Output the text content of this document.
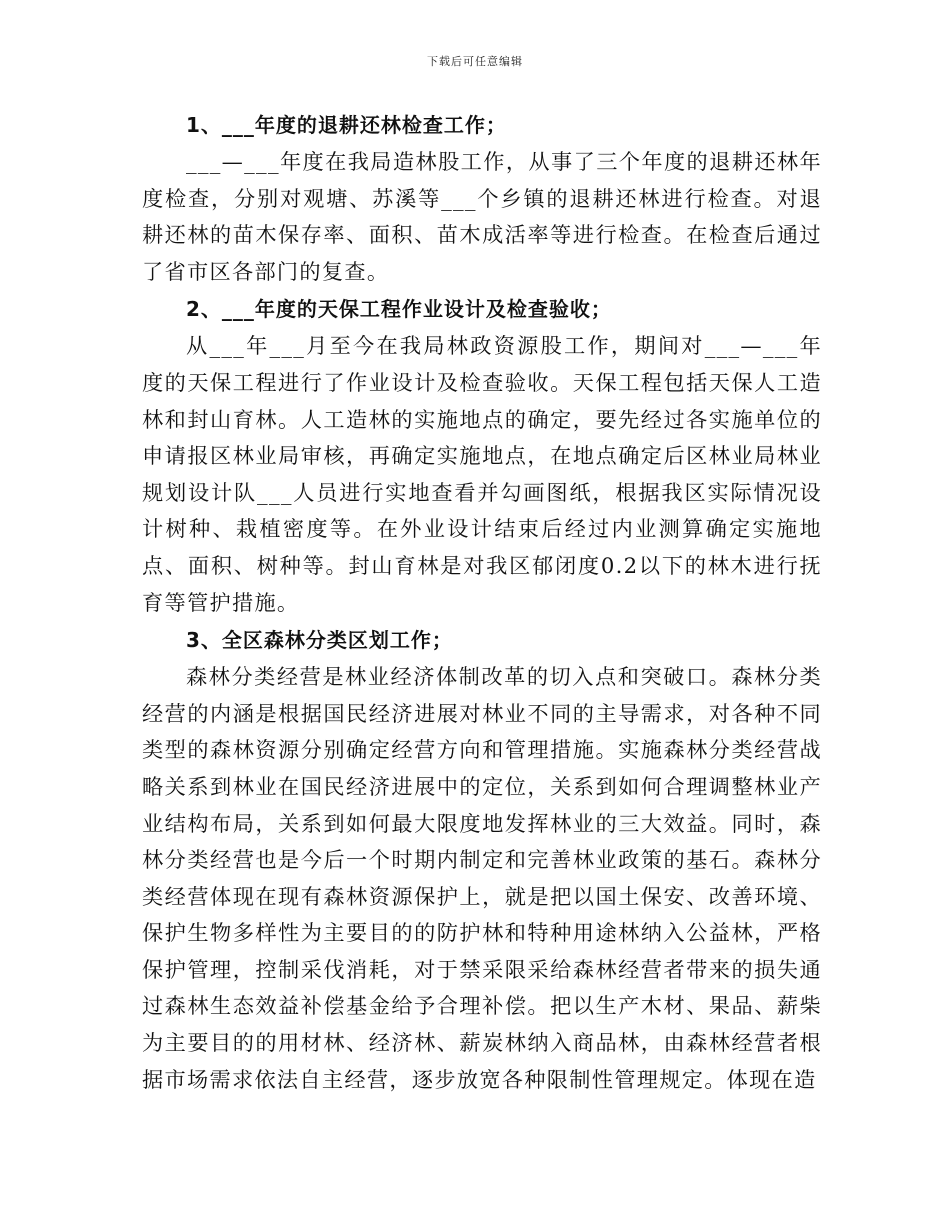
下载后可任意编辑
1、___年度的退耕还林检查工作；

___—___年度在我局造林股工作，从事了三个年度的退耕还林年度检查，分别对观塘、苏溪等___个乡镇的退耕还林进行检查。对退耕还林的苗木保存率、面积、苗木成活率等进行检查。在检查后通过了省市区各部门的复查。

2、___年度的天保工程作业设计及检查验收；

从___年___月至今在我局林政资源股工作，期间对___—___年度的天保工程进行了作业设计及检查验收。天保工程包括天保人工造林和封山育林。人工造林的实施地点的确定，要先经过各实施单位的申请报区林业局审核，再确定实施地点，在地点确定后区林业局林业规划设计队___人员进行实地查看并勾画图纸，根据我区实际情况设计树种、栽植密度等。在外业设计结束后经过内业测算确定实施地点、面积、树种等。封山育林是对我区郁闭度0.2以下的林木进行抚育等管护措施。

3、全区森林分类区划工作；

森林分类经营是林业经济体制改革的切入点和突破口。森林分类经营的内涵是根据国民经济进展对林业不同的主导需求，对各种不同类型的森林资源分别确定经营方向和管理措施。实施森林分类经营战略关系到林业在国民经济进展中的定位，关系到如何合理调整林业产业结构布局，关系到如何最大限度地发挥林业的三大效益。同时，森林分类经营也是今后一个时期内制定和完善林业政策的基石。森林分类经营体现在现有森林资源保护上，就是把以国土保安、改善环境、保护生物多样性为主要目的的防护林和特种用途林纳入公益林，严格保护管理，控制采伐消耗，对于禁采限采给森林经营者带来的损失通过森林生态效益补偿基金给予合理补偿。把以生产木材、果品、薪柴为主要目的的用材林、经济林、薪炭林纳入商品林，由森林经营者根据市场需求依法自主经营，逐步放宽各种限制性管理规定。体现在造
